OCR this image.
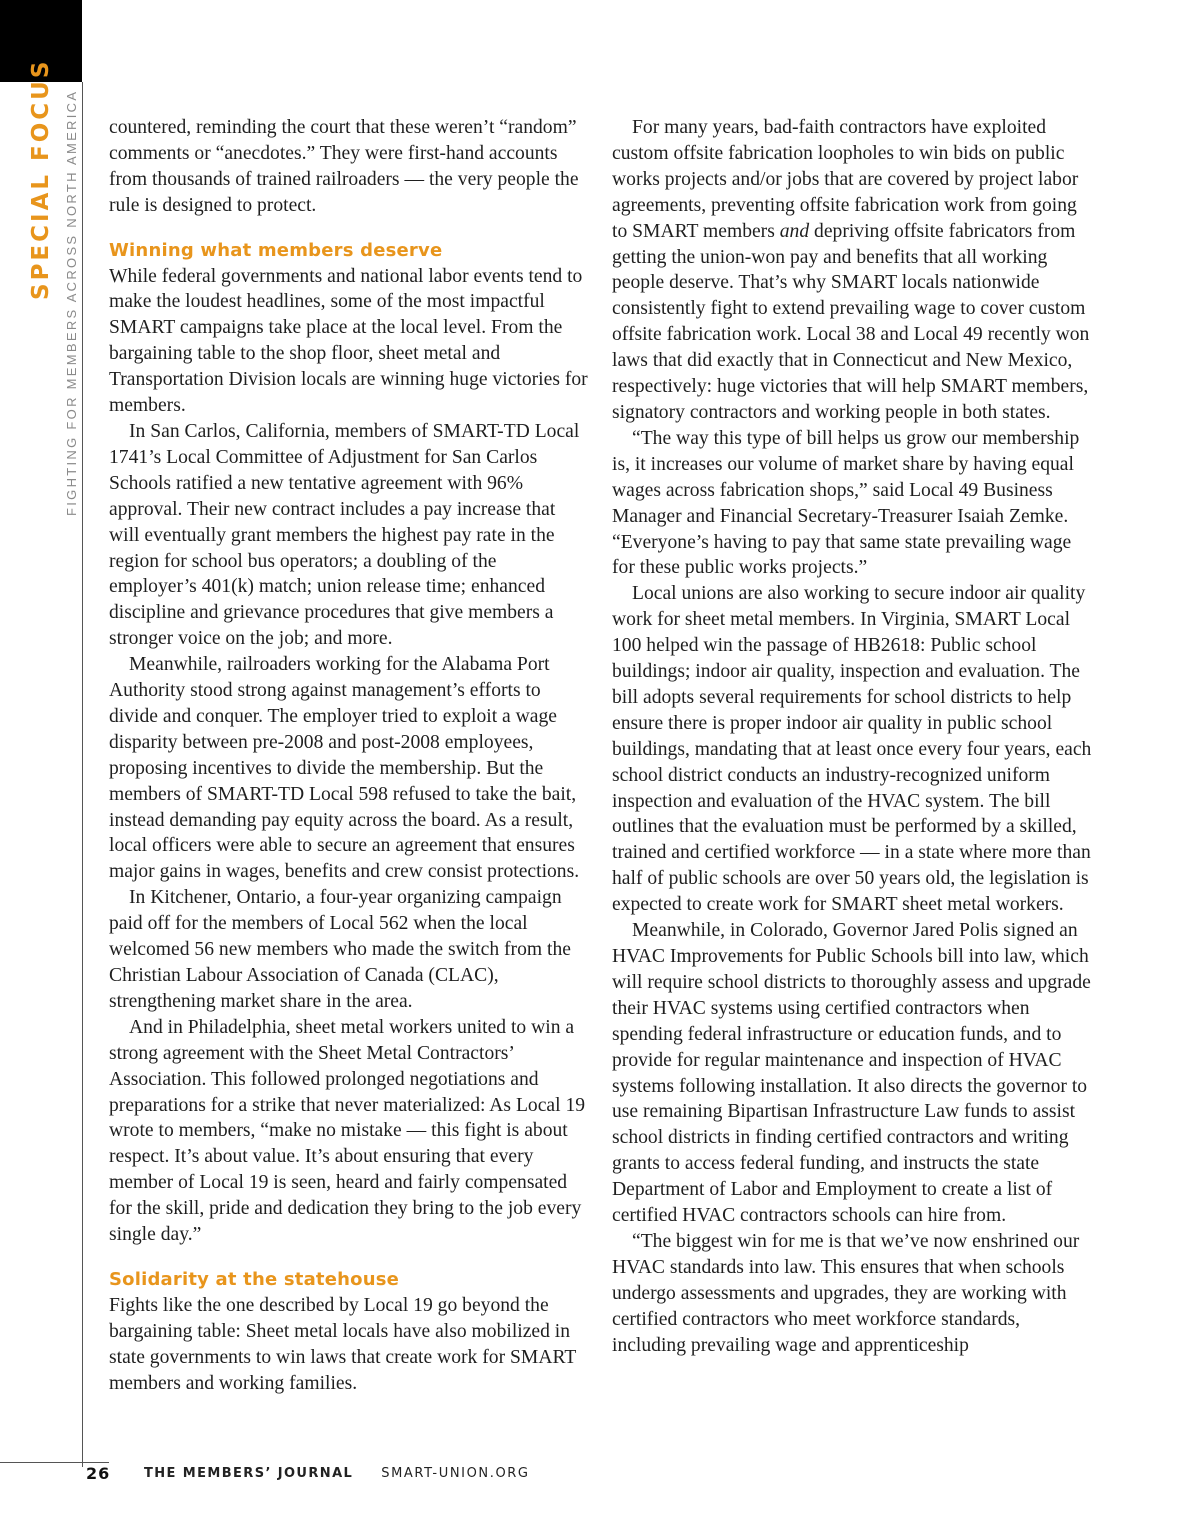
SPECIAL FOCUS FIGHTING FOR MEMBERS ACROSS NORTH AMERICA countered, reminding the court that these weren’t “random” comments or “anecdotes.” They were first-hand accounts from thousands of trained railroaders — the very people the rule is designed to protect.

Winning what members deserve

While federal governments and national labor events tend to make the loudest headlines, some of the most impactful SMART campaigns take place at the local level. From the bargaining table to the shop floor, sheet metal and Transportation Division locals are winning huge victories for members.

In San Carlos, California, members of SMART-TD Local 1741’s Local Committee of Adjustment for San Carlos Schools ratified a new tentative agreement with 96% approval. Their new contract includes a pay increase that will eventually grant members the highest pay rate in the region for school bus operators; a doubling of the employer’s 401(k) match; union release time; enhanced discipline and grievance procedures that give members a stronger voice on the job; and more.

Meanwhile, railroaders working for the Alabama Port Authority stood strong against management’s efforts to divide and conquer. The employer tried to exploit a wage disparity between pre-2008 and post-2008 employees, proposing incentives to divide the membership. But the members of SMART-TD Local 598 refused to take the bait, instead demanding pay equity across the board. As a result, local officers were able to secure an agreement that ensures major gains in wages, benefits and crew consist protections.

In Kitchener, Ontario, a four-year organizing campaign paid off for the members of Local 562 when the local welcomed 56 new members who made the switch from the Christian Labour Association of Canada (CLAC), strengthening market share in the area.

And in Philadelphia, sheet metal workers united to win a strong agreement with the Sheet Metal Contractors’ Association. This followed prolonged negotiations and preparations for a strike that never materialized: As Local 19 wrote to members, “make no mistake — this fight is about respect. It’s about value. It’s about ensuring that every member of Local 19 is seen, heard and fairly compensated for the skill, pride and dedication they bring to the job every single day.”

Solidarity at the statehouse

Fights like the one described by Local 19 go beyond the bargaining table: Sheet metal locals have also mobilized in state governments to win laws that create work for SMART members and working families.

For many years, bad-faith contractors have exploited custom offsite fabrication loopholes to win bids on public works projects and/or jobs that are covered by project labor agreements, preventing offsite fabrication work from going to SMART members and depriving offsite fabricators from getting the union-won pay and benefits that all working people deserve. That’s why SMART locals nationwide consistently fight to extend prevailing wage to cover custom offsite fabrication work. Local 38 and Local 49 recently won laws that did exactly that in Connecticut and New Mexico, respectively: huge victories that will help SMART members, signatory contractors and working people in both states.

“The way this type of bill helps us grow our membership is, it increases our volume of market share by having equal wages across fabrication shops,” said Local 49 Business Manager and Financial Secretary-Treasurer Isaiah Zemke. “Everyone’s having to pay that same state prevailing wage for these public works projects.”

Local unions are also working to secure indoor air quality work for sheet metal members. In Virginia, SMART Local 100 helped win the passage of HB2618: Public school buildings; indoor air quality, inspection and evaluation. The bill adopts several requirements for school districts to help ensure there is proper indoor air quality in public school buildings, mandating that at least once every four years, each school district conducts an industry-recognized uniform inspection and evaluation of the HVAC system. The bill outlines that the evaluation must be performed by a skilled, trained and certified workforce — in a state where more than half of public schools are over 50 years old, the legislation is expected to create work for SMART sheet metal workers.

Meanwhile, in Colorado, Governor Jared Polis signed an HVAC Improvements for Public Schools bill into law, which will require school districts to thoroughly assess and upgrade their HVAC systems using certified contractors when spending federal infrastructure or education funds, and to provide for regular maintenance and inspection of HVAC systems following installation. It also directs the governor to use remaining Bipartisan Infrastructure Law funds to assist school districts in finding certified contractors and writing grants to access federal funding, and instructs the state Department of Labor and Employment to create a list of certified HVAC contractors schools can hire from.

“The biggest win for me is that we’ve now enshrined our HVAC standards into law. This ensures that when schools undergo assessments and upgrades, they are working with certified contractors who meet workforce standards, including prevailing wage and apprenticeship

26	THE MEMBERS’ JOURNAL SMART-UNION.ORG
